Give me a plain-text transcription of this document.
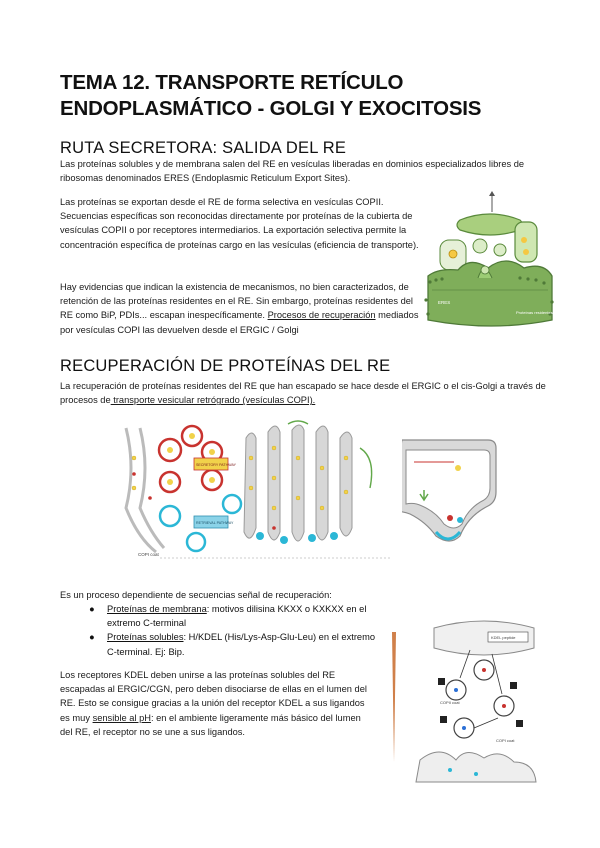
TEMA 12. TRANSPORTE RETÍCULO ENDOPLASMÁTICO - GOLGI Y EXOCITOSIS
RUTA SECRETORA: SALIDA DEL RE

Las proteínas solubles y de membrana salen del RE en vesículas liberadas en dominios especializados libres de ribosomas denominados ERES (Endoplasmic Reticulum Export Sites).

Las proteínas se exportan desde el RE de forma selectiva en vesículas COPII. Secuencias específicas son reconocidas directamente por proteínas de la cubierta de vesículas COPII o por receptores intermediarios. La exportación selectiva permite la concentración específica de proteínas cargo en las vesículas (eficiencia de transporte).

Hay evidencias que indican la existencia de mecanismos, no bien caracterizados, de retención de las proteínas residentes en el RE. Sin embargo, proteínas residentes del RE como BiP, PDIs... escapan inespecíficamente. Procesos de recuperación mediados por vesículas COPI las devuelven desde el ERGIC / Golgi

ERES
Proteínas residentes
RECUPERACIÓN DE PROTEÍNAS DEL RE

La recuperación de proteínas residentes del RE que han escapado se hace desde el ERGIC o el cis-Golgi a través de procesos de transporte vesicular retrógrado (vesículas COPI).

SECRETORY PATHWAY
RETRIEVAL PATHWAY
COPI coat

Es un proceso dependiente de secuencias señal de recuperación:

● Proteínas de membrana: motivos dilisina KKXX o KXKXX en el extremo C-terminal
● Proteínas solubles: H/KDEL (His/Lys-Asp-Glu-Leu) en el extremo C-terminal. Ej: Bip.

Los receptores KDEL deben unirse a las proteínas solubles del RE escapadas al ERGIC/CGN, pero deben disociarse de ellas en el lumen del RE. Esto se consigue gracias a la unión del receptor KDEL a sus ligandos es muy sensible al pH: en el ambiente ligeramente más básico del lumen del RE, el receptor no se une a sus ligandos.

KDEL peptide
COPII coat
COPI coat
